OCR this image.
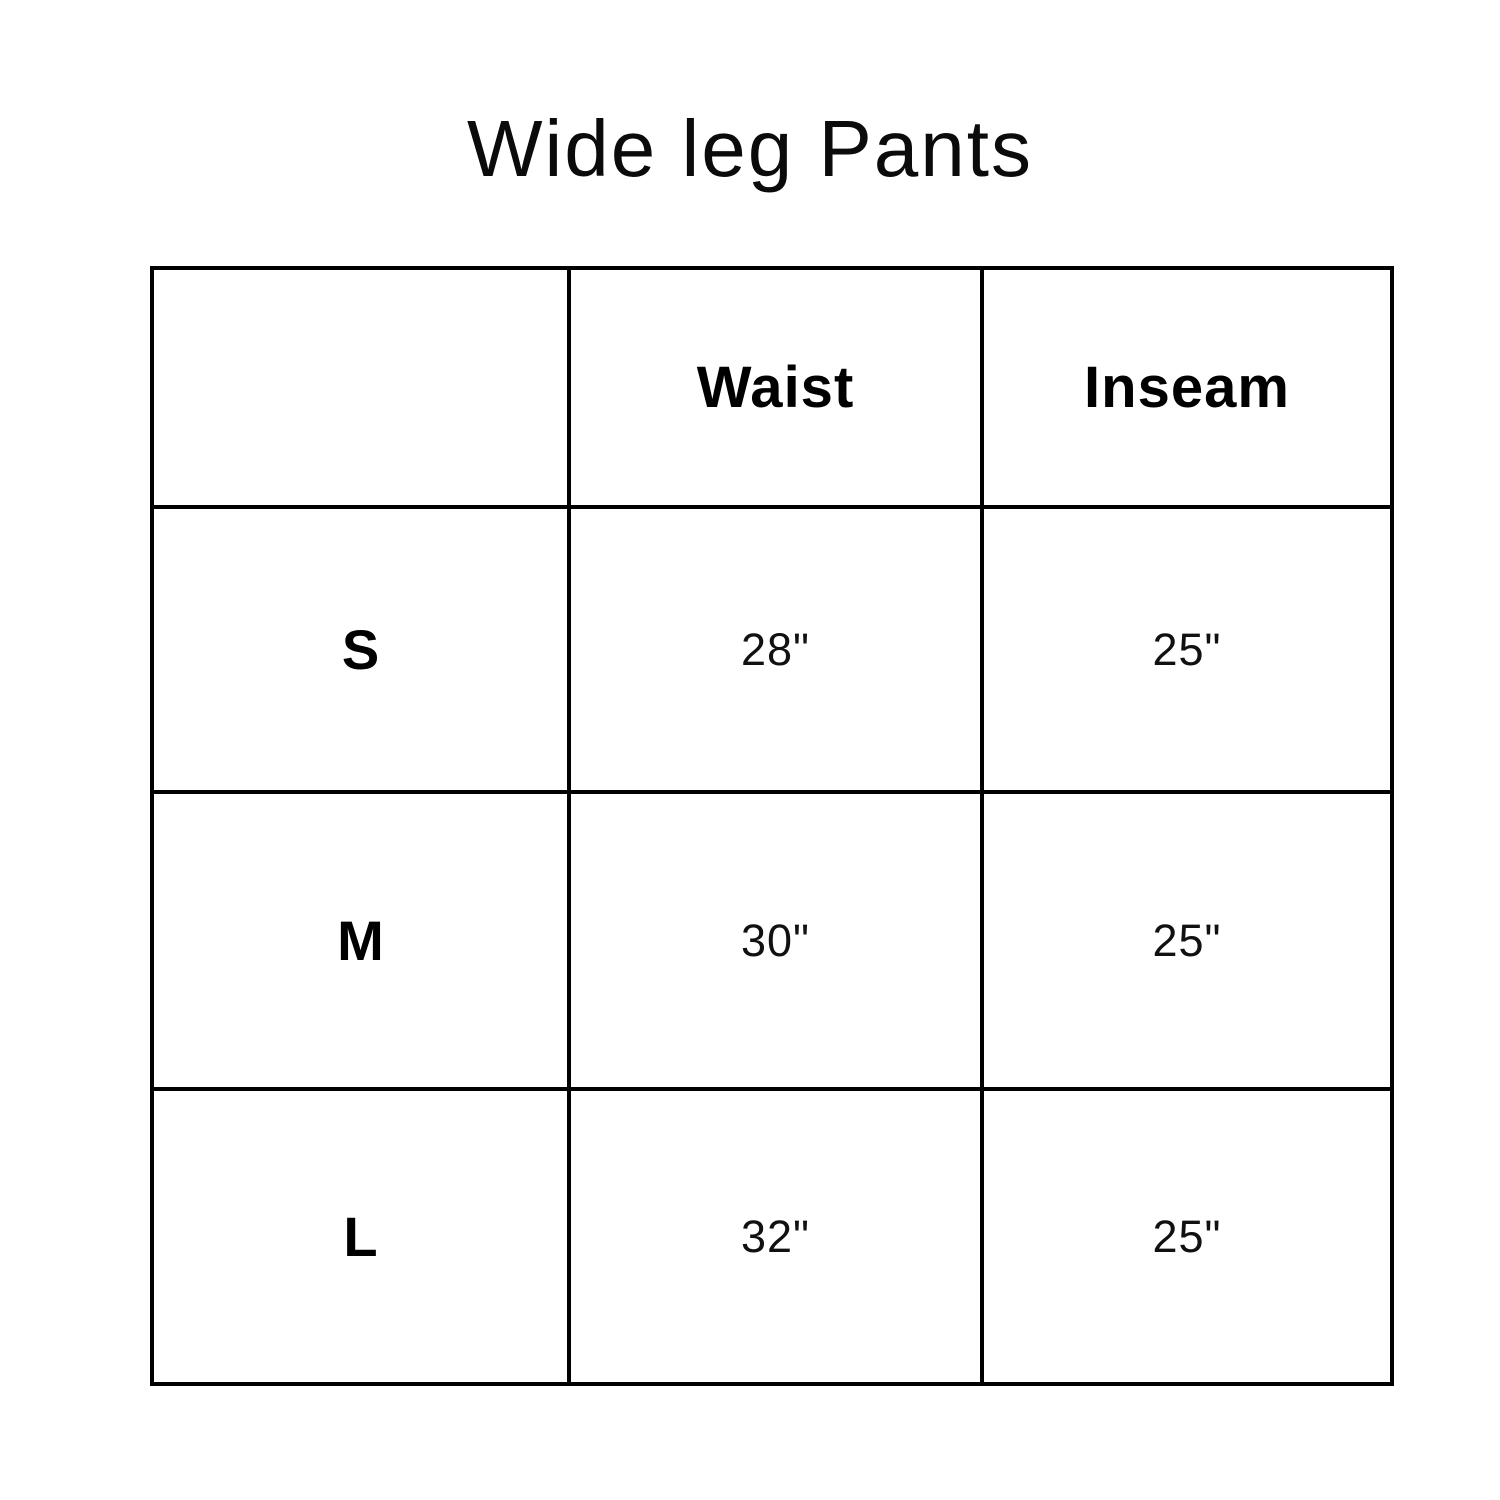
Wide leg Pants
	Waist	Inseam
S	28"	25"
M	30"	25"
L	32"	25"
